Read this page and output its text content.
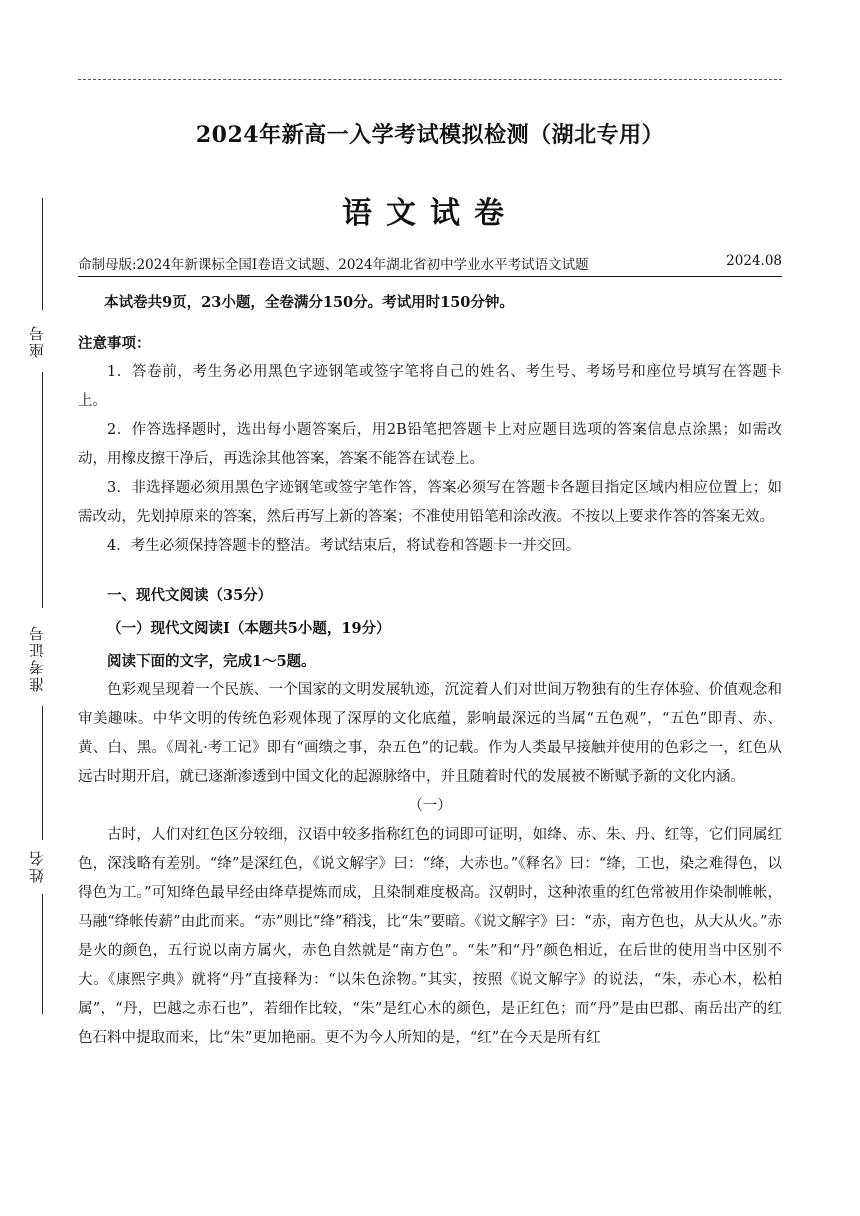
2024年新高一入学考试模拟检测（湖北专用）
语文试卷
命制母版:2024年新课标全国Ⅰ卷语文试题、2024年湖北省初中学业水平考试语文试题	2024.08
座号
准考证号
姓名

本试卷共9页，23小题，全卷满分150分。考试用时150分钟。

注意事项：

1．答卷前，考生务必用黑色字迹钢笔或签字笔将自己的姓名、考生号、考场号和座位号填写在答题卡上。

2．作答选择题时，选出每小题答案后，用2B铅笔把答题卡上对应题目选项的答案信息点涂黑；如需改动，用橡皮擦干净后，再选涂其他答案，答案不能答在试卷上。

3．非选择题必须用黑色字迹钢笔或签字笔作答，答案必须写在答题卡各题目指定区域内相应位置上；如需改动，先划掉原来的答案，然后再写上新的答案；不准使用铅笔和涂改液。不按以上要求作答的答案无效。

4．考生必须保持答题卡的整洁。考试结束后，将试卷和答题卡一并交回。

一、现代文阅读（35分）

（一）现代文阅读Ⅰ（本题共5小题，19分）

阅读下面的文字，完成1～5题。

色彩观呈现着一个民族、一个国家的文明发展轨迹，沉淀着人们对世间万物独有的生存体验、价值观念和审美趣味。中华文明的传统色彩观体现了深厚的文化底蕴，影响最深远的当属“五色观”，“五色”即青、赤、黄、白、黑。《周礼·考工记》即有“画缋之事，杂五色”的记载。作为人类最早接触并使用的色彩之一，红色从远古时期开启，就已逐渐渗透到中国文化的起源脉络中，并且随着时代的发展被不断赋予新的文化内涵。

（一）

古时，人们对红色区分较细，汉语中较多指称红色的词即可证明，如绛、赤、朱、丹、红等，它们同属红色，深浅略有差别。“绛”是深红色，《说文解字》曰：“绛，大赤也。”《释名》曰：“绛，工也，染之难得色，以得色为工。”可知绛色最早经由绛草提炼而成，且染制难度极高。汉朝时，这种浓重的红色常被用作染制帷帐，马融“绛帐传薪”由此而来。“赤”则比“绛”稍浅，比“朱”要暗。《说文解字》曰：“赤，南方色也，从大从火。”赤是火的颜色，五行说以南方属火，赤色自然就是“南方色”。“朱”和“丹”颜色相近，在后世的使用当中区别不大。《康熙字典》就将“丹”直接释为：“以朱色涂物。”其实，按照《说文解字》的说法，“朱，赤心木，松柏属”，“丹，巴越之赤石也”，若细作比较，“朱”是红心木的颜色，是正红色；而“丹”是由巴郡、南岳出产的红色石料中提取而来，比“朱”更加艳丽。更不为今人所知的是，“红”在今天是所有红
